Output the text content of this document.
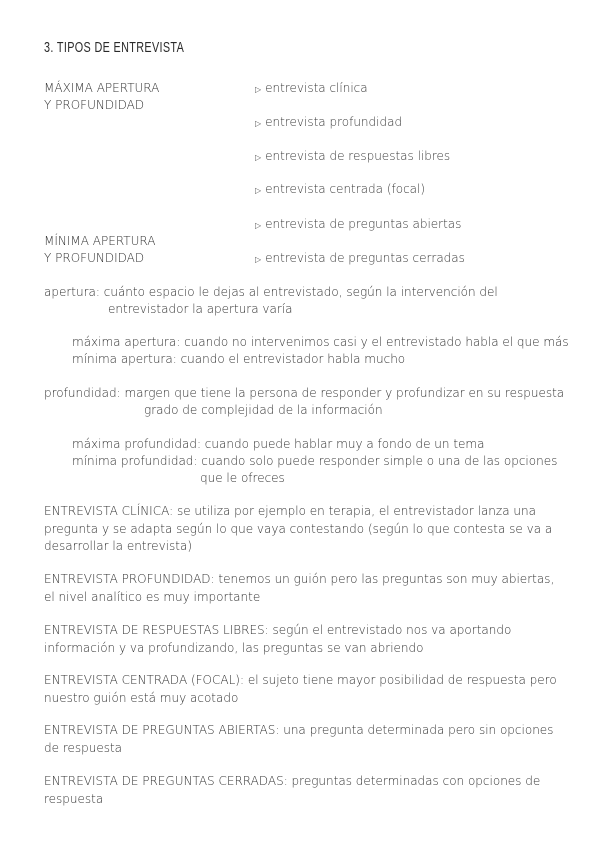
3. TIPOS DE ENTREVISTA
MÁXIMA APERTURA
Y PROFUNDIDAD
MÍNIMA APERTURA
Y PROFUNDIDAD
▷ entrevista clínica
▷ entrevista profundidad
▷ entrevista de respuestas libres
▷ entrevista centrada (focal)
▷ entrevista de preguntas abiertas
▷ entrevista de preguntas cerradas
apertura: cuánto espacio le dejas al entrevistado, según la intervención del
entrevistador la apertura varía
máxima apertura: cuando no intervenimos casi y el entrevistado habla el que más
mínima apertura: cuando el entrevistador habla mucho
profundidad: margen que tiene la persona de responder y profundizar en su respuesta
grado de complejidad de la información
máxima profundidad: cuando puede hablar muy a fondo de un tema
mínima profundidad: cuando solo puede responder simple o una de las opciones
que le ofreces
ENTREVISTA CLÍNICA: se utiliza por ejemplo en terapia, el entrevistador lanza una pregunta y se adapta según lo que vaya contestando (según lo que contesta se va a desarrollar la entrevista)
ENTREVISTA PROFUNDIDAD: tenemos un guión pero las preguntas son muy abiertas, el nivel analítico es muy importante
ENTREVISTA DE RESPUESTAS LIBRES: según el entrevistado nos va aportando información y va profundizando, las preguntas se van abriendo
ENTREVISTA CENTRADA (FOCAL): el sujeto tiene mayor posibilidad de respuesta pero nuestro guión está muy acotado
ENTREVISTA DE PREGUNTAS ABIERTAS: una pregunta determinada pero sin opciones de respuesta
ENTREVISTA DE PREGUNTAS CERRADAS: preguntas determinadas con opciones de respuesta
